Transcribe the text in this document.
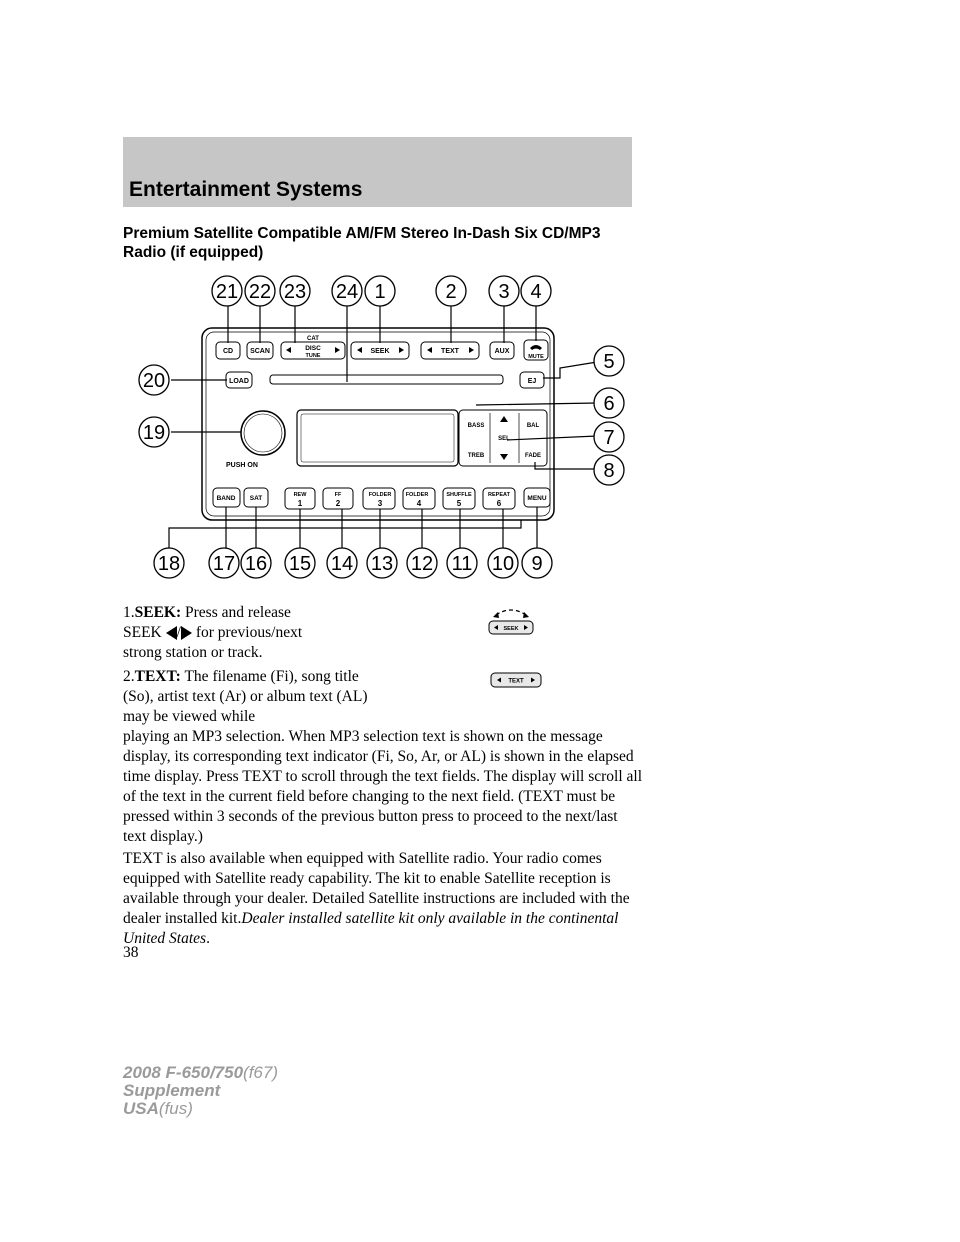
Entertainment Systems
Premium Satellite Compatible AM/FM Stereo In-Dash Six CD/MP3 Radio (if equipped)
CD SCAN
CAT
DISC
TUNE
SEEK	TEXT	AUX
MUTE
LOAD	EJ
PUSH ON
BASS
TREB
SEL
BAL
FADE
BAND SAT	REW
1
FF
2
FOLDER
3
FOLDER
4
SHUFFLE
5
REPEAT
6
MENU
21 22 23 24 1	2 3 4
5
6
7
8
20
19
18 17 16 15 14 13 12 11 10 9
1.SEEK: Press and release
SEEK / for previous/next
strong station or track.
SEEK
2.TEXT: The filename (Fi), song title (So), artist text (Ar) or album text (AL) may be viewed while
TEXT
playing an MP3 selection. When MP3 selection text is shown on the message display, its corresponding text indicator (Fi, So, Ar, or AL) is shown in the elapsed time display. Press TEXT to scroll through the text fields. The display will scroll all of the text in the current field before changing to the next field. (TEXT must be pressed within 3 seconds of the previous button press to proceed to the next/last text display.)
TEXT is also available when equipped with Satellite radio. Your radio comes equipped with Satellite ready capability. The kit to enable Satellite reception is available through your dealer. Detailed Satellite instructions are included with the dealer installed kit.Dealer installed satellite kit only available in the continental United States.
38
2008 F-650/750(f67)
Supplement
USA(fus)
